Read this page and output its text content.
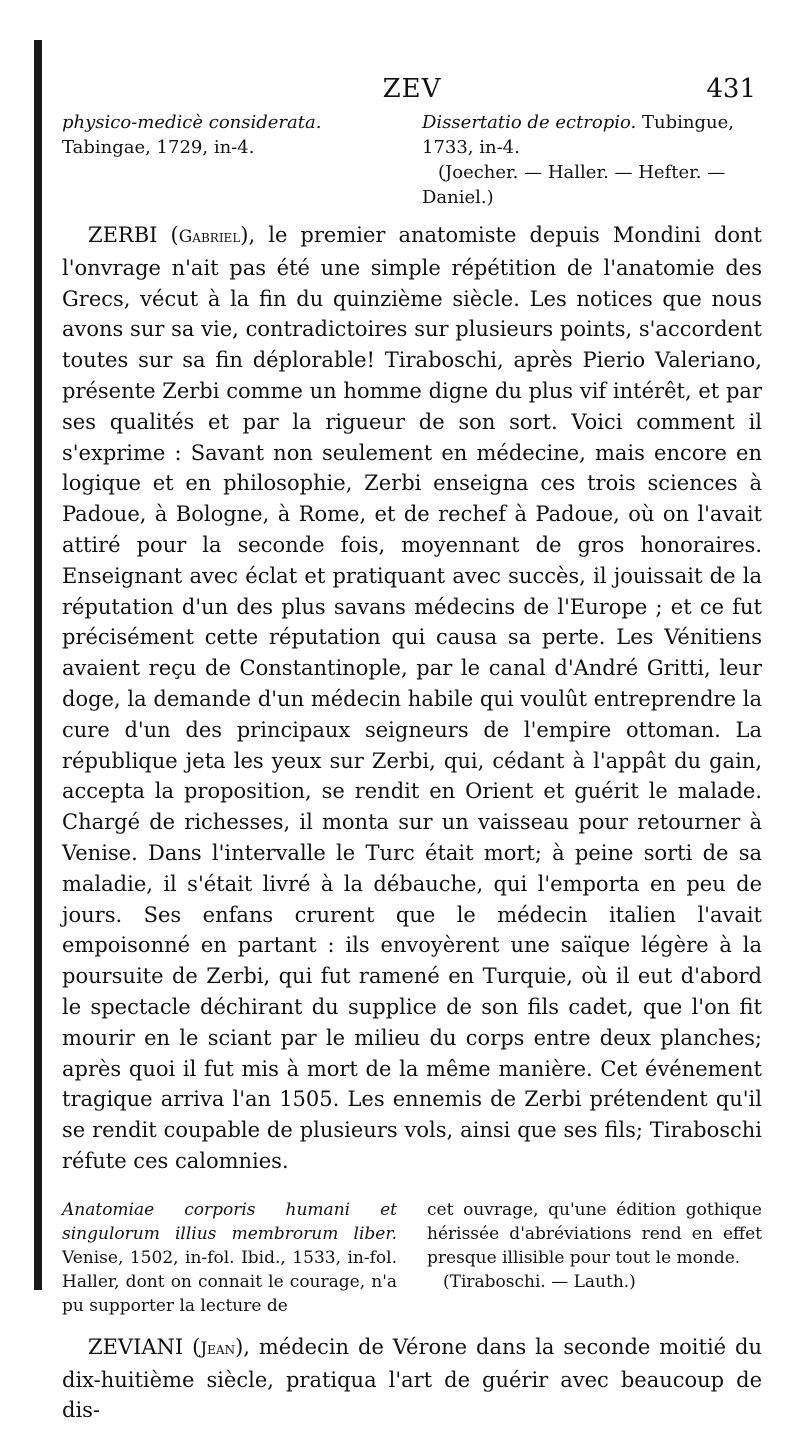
ZEV	431
physico-medicè considerata. Tabingae, 1729, in-4.
Dissertatio de ectropio. Tubingue, 1733, in-4.
(Joecher. — Haller. — Hefter. — Daniel.)

ZERBI (Gabriel), le premier anatomiste depuis Mondini dont l'onvrage n'ait pas été une simple répétition de l'anatomie des Grecs, vécut à la fin du quinzième siècle. Les notices que nous avons sur sa vie, contradictoires sur plusieurs points, s'accordent toutes sur sa fin déplorable! Tiraboschi, après Pierio Valeriano, présente Zerbi comme un homme digne du plus vif intérêt, et par ses qualités et par la rigueur de son sort. Voici comment il s'exprime : Savant non seulement en médecine, mais encore en logique et en philosophie, Zerbi enseigna ces trois sciences à Padoue, à Bologne, à Rome, et de rechef à Padoue, où on l'avait attiré pour la seconde fois, moyennant de gros honoraires. Enseignant avec éclat et pratiquant avec succès, il jouissait de la réputation d'un des plus savans médecins de l'Europe ; et ce fut précisément cette réputation qui causa sa perte. Les Vénitiens avaient reçu de Constantinople, par le canal d'André Gritti, leur doge, la demande d'un médecin habile qui voulût entreprendre la cure d'un des principaux seigneurs de l'empire ottoman. La république jeta les yeux sur Zerbi, qui, cédant à l'appât du gain, accepta la proposition, se rendit en Orient et guérit le malade. Chargé de richesses, il monta sur un vaisseau pour retourner à Venise. Dans l'intervalle le Turc était mort; à peine sorti de sa maladie, il s'était livré à la débauche, qui l'emporta en peu de jours. Ses enfans crurent que le médecin italien l'avait empoisonné en partant : ils envoyèrent une saïque légère à la poursuite de Zerbi, qui fut ramené en Turquie, où il eut d'abord le spectacle déchirant du supplice de son fils cadet, que l'on fit mourir en le sciant par le milieu du corps entre deux planches; après quoi il fut mis à mort de la même manière. Cet événement tragique arriva l'an 1505. Les ennemis de Zerbi prétendent qu'il se rendit coupable de plusieurs vols, ainsi que ses fils; Tiraboschi réfute ces calomnies.

Anatomiae corporis humani et singulorum illius membrorum liber. Venise, 1502, in-fol. Ibid., 1533, in-fol. Haller, dont on connait le courage, n'a pu supporter la lecture de
cet ouvrage, qu'une édition gothique hérissée d'abréviations rend en effet presque illisible pour tout le monde.
(Tiraboschi. — Lauth.)

ZEVIANI (Jean), médecin de Vérone dans la seconde moitié du dix-huitième siècle, pratiqua l'art de guérir avec beaucoup de dis-
